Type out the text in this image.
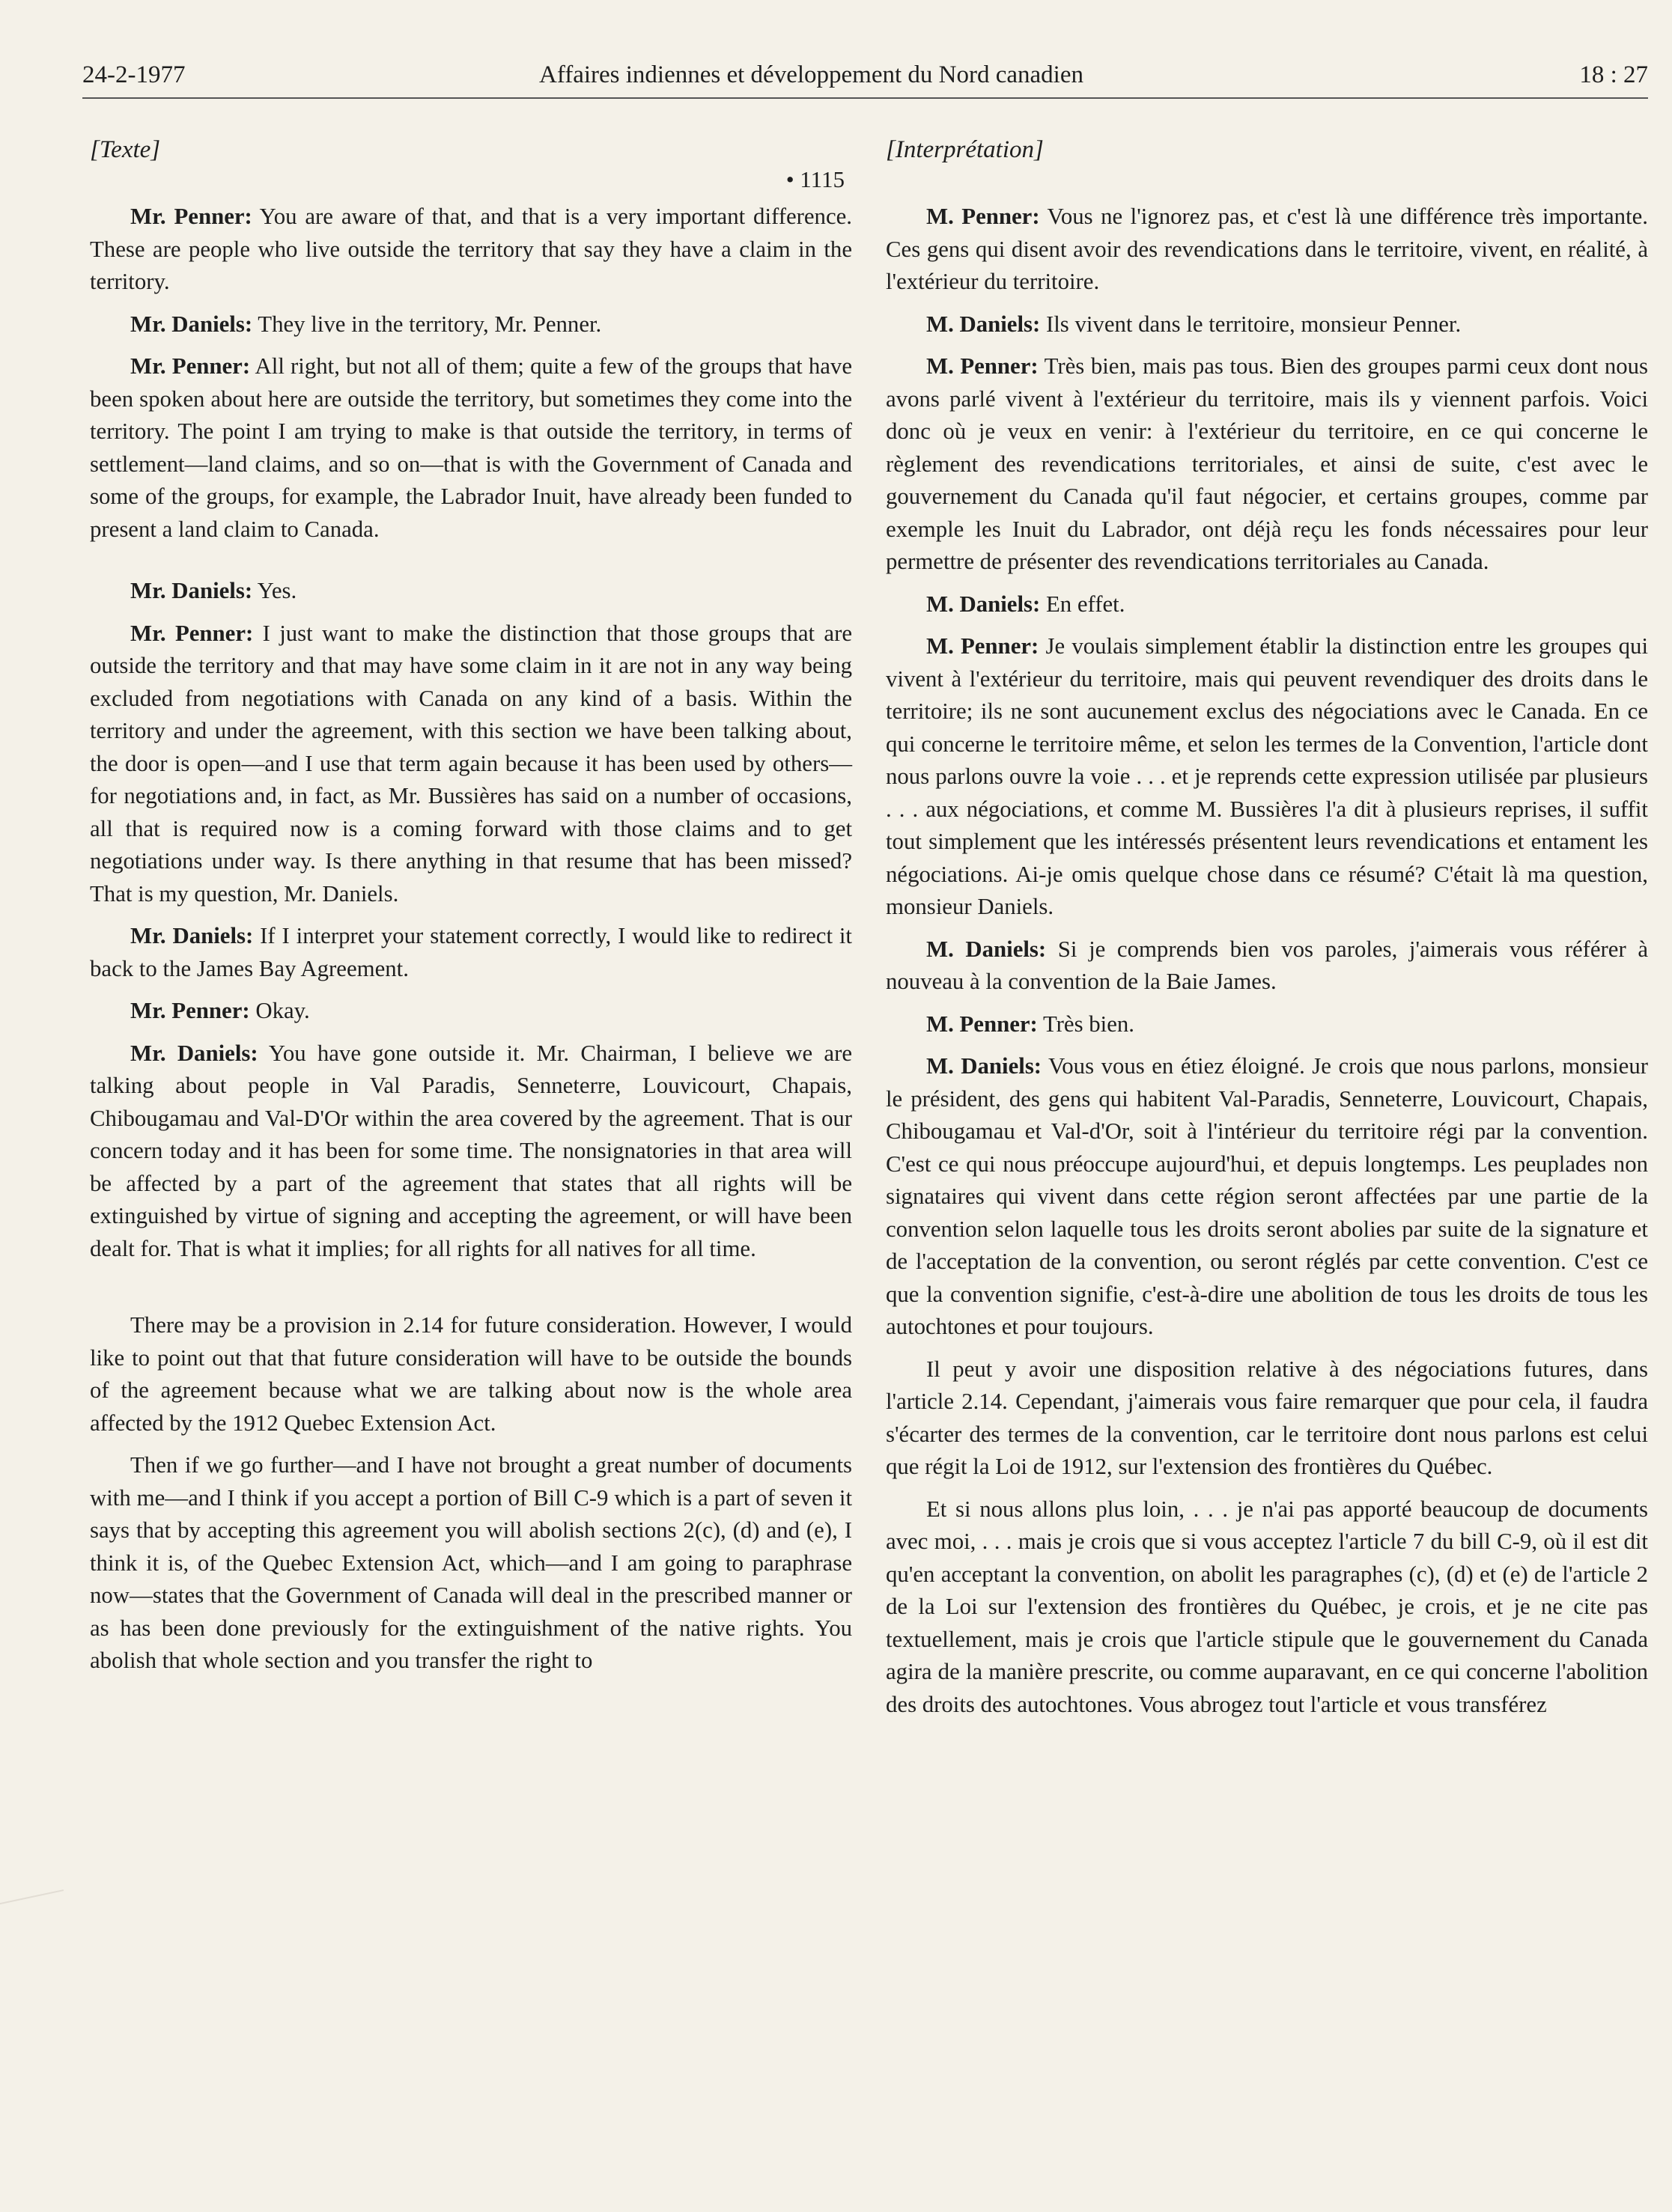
24-2-1977	Affaires indiennes et développement du Nord canadien	18 : 27
[Texte]
• 1115

Mr. Penner: You are aware of that, and that is a very important difference. These are people who live outside the territory that say they have a claim in the territory.

Mr. Daniels: They live in the territory, Mr. Penner.

Mr. Penner: All right, but not all of them; quite a few of the groups that have been spoken about here are outside the territory, but sometimes they come into the territory. The point I am trying to make is that outside the territory, in terms of settlement—land claims, and so on—that is with the Government of Canada and some of the groups, for example, the Labrador Inuit, have already been funded to present a land claim to Canada.

Mr. Daniels: Yes.

Mr. Penner: I just want to make the distinction that those groups that are outside the territory and that may have some claim in it are not in any way being excluded from negotiations with Canada on any kind of a basis. Within the territory and under the agreement, with this section we have been talking about, the door is open—and I use that term again because it has been used by others—for negotiations and, in fact, as Mr. Bussières has said on a number of occasions, all that is required now is a coming forward with those claims and to get negotiations under way. Is there anything in that resume that has been missed? That is my question, Mr. Daniels.

Mr. Daniels: If I interpret your statement correctly, I would like to redirect it back to the James Bay Agreement.

Mr. Penner: Okay.

Mr. Daniels: You have gone outside it. Mr. Chairman, I believe we are talking about people in Val Paradis, Senneterre, Louvicourt, Chapais, Chibougamau and Val-D'Or within the area covered by the agreement. That is our concern today and it has been for some time. The nonsignatories in that area will be affected by a part of the agreement that states that all rights will be extinguished by virtue of signing and accepting the agreement, or will have been dealt for. That is what it implies; for all rights for all natives for all time.

There may be a provision in 2.14 for future consideration. However, I would like to point out that that future consideration will have to be outside the bounds of the agreement because what we are talking about now is the whole area affected by the 1912 Quebec Extension Act.

Then if we go further—and I have not brought a great number of documents with me—and I think if you accept a portion of Bill C-9 which is a part of seven it says that by accepting this agreement you will abolish sections 2(c), (d) and (e), I think it is, of the Quebec Extension Act, which—and I am going to paraphrase now—states that the Government of Canada will deal in the prescribed manner or as has been done previously for the extinguishment of the native rights. You abolish that whole section and you transfer the right to

[Interprétation]

M. Penner: Vous ne l'ignorez pas, et c'est là une différence très importante. Ces gens qui disent avoir des revendications dans le territoire, vivent, en réalité, à l'extérieur du territoire.

M. Daniels: Ils vivent dans le territoire, monsieur Penner.

M. Penner: Très bien, mais pas tous. Bien des groupes parmi ceux dont nous avons parlé vivent à l'extérieur du territoire, mais ils y viennent parfois. Voici donc où je veux en venir: à l'extérieur du territoire, en ce qui concerne le règlement des revendications territoriales, et ainsi de suite, c'est avec le gouvernement du Canada qu'il faut négocier, et certains groupes, comme par exemple les Inuit du Labrador, ont déjà reçu les fonds nécessaires pour leur permettre de présenter des revendications territoriales au Canada.

M. Daniels: En effet.

M. Penner: Je voulais simplement établir la distinction entre les groupes qui vivent à l'extérieur du territoire, mais qui peuvent revendiquer des droits dans le territoire; ils ne sont aucunement exclus des négociations avec le Canada. En ce qui concerne le territoire même, et selon les termes de la Convention, l'article dont nous parlons ouvre la voie . . . et je reprends cette expression utilisée par plusieurs . . . aux négociations, et comme M. Bussières l'a dit à plusieurs reprises, il suffit tout simplement que les intéressés présentent leurs revendications et entament les négociations. Ai-je omis quelque chose dans ce résumé? C'était là ma question, monsieur Daniels.

M. Daniels: Si je comprends bien vos paroles, j'aimerais vous référer à nouveau à la convention de la Baie James.

M. Penner: Très bien.

M. Daniels: Vous vous en étiez éloigné. Je crois que nous parlons, monsieur le président, des gens qui habitent Val-Paradis, Senneterre, Louvicourt, Chapais, Chibougamau et Val-d'Or, soit à l'intérieur du territoire régi par la convention. C'est ce qui nous préoccupe aujourd'hui, et depuis longtemps. Les peuplades non signataires qui vivent dans cette région seront affectées par une partie de la convention selon laquelle tous les droits seront abolies par suite de la signature et de l'acceptation de la convention, ou seront réglés par cette convention. C'est ce que la convention signifie, c'est-à-dire une abolition de tous les droits de tous les autochtones et pour toujours.

Il peut y avoir une disposition relative à des négociations futures, dans l'article 2.14. Cependant, j'aimerais vous faire remarquer que pour cela, il faudra s'écarter des termes de la convention, car le territoire dont nous parlons est celui que régit la Loi de 1912, sur l'extension des frontières du Québec.

Et si nous allons plus loin, . . . je n'ai pas apporté beaucoup de documents avec moi, . . . mais je crois que si vous acceptez l'article 7 du bill C-9, où il est dit qu'en acceptant la convention, on abolit les paragraphes (c), (d) et (e) de l'article 2 de la Loi sur l'extension des frontières du Québec, je crois, et je ne cite pas textuellement, mais je crois que l'article stipule que le gouvernement du Canada agira de la manière prescrite, ou comme auparavant, en ce qui concerne l'abolition des droits des autochtones. Vous abrogez tout l'article et vous transférez
